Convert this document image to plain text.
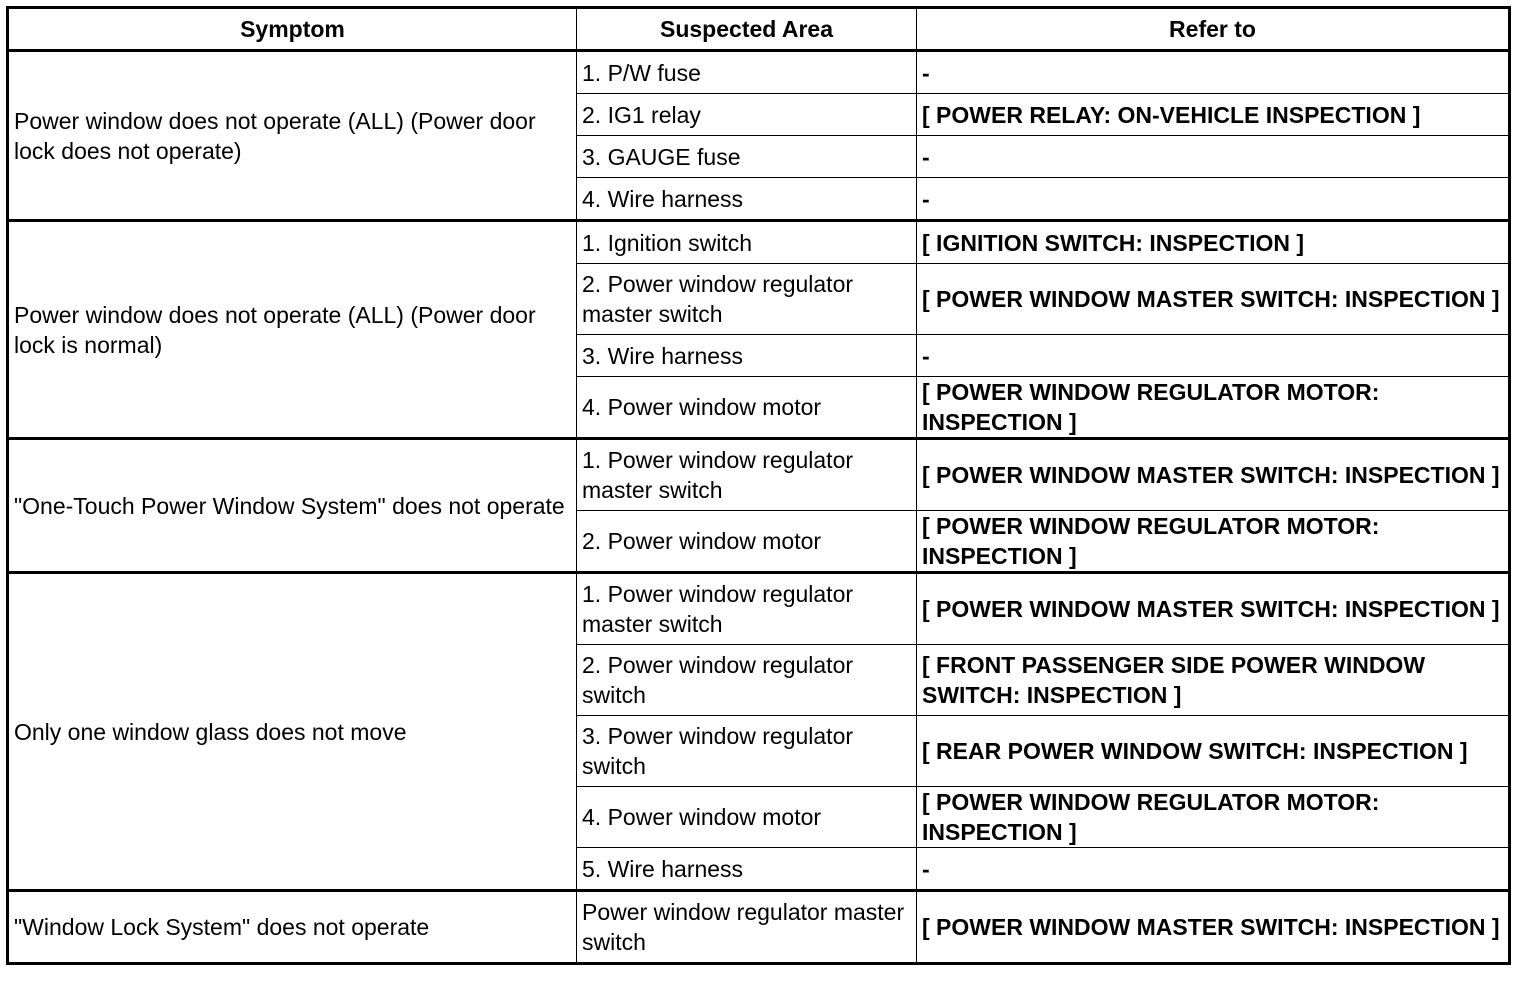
Symptom	Suspected Area	Refer to
Power window does not operate (ALL) (Power door lock does not operate)	1. P/W fuse	-
	2. IG1 relay	[ POWER RELAY: ON-VEHICLE INSPECTION ]
	3. GAUGE fuse	-
	4. Wire harness	-
Power window does not operate (ALL) (Power door lock is normal)	1. Ignition switch	[ IGNITION SWITCH: INSPECTION ]
	2. Power window regulator master switch	[ POWER WINDOW MASTER SWITCH: INSPECTION ]
	3. Wire harness	-
	4. Power window motor	[ POWER WINDOW REGULATOR MOTOR: INSPECTION ]
"One-Touch Power Window System" does not operate	1. Power window regulator master switch	[ POWER WINDOW MASTER SWITCH: INSPECTION ]
	2. Power window motor	[ POWER WINDOW REGULATOR MOTOR: INSPECTION ]
Only one window glass does not move	1. Power window regulator master switch	[ POWER WINDOW MASTER SWITCH: INSPECTION ]
	2. Power window regulator switch	[ FRONT PASSENGER SIDE POWER WINDOW SWITCH: INSPECTION ]
	3. Power window regulator switch	[ REAR POWER WINDOW SWITCH: INSPECTION ]
	4. Power window motor	[ POWER WINDOW REGULATOR MOTOR: INSPECTION ]
	5. Wire harness	-
"Window Lock System" does not operate	Power window regulator master switch	[ POWER WINDOW MASTER SWITCH: INSPECTION ]
